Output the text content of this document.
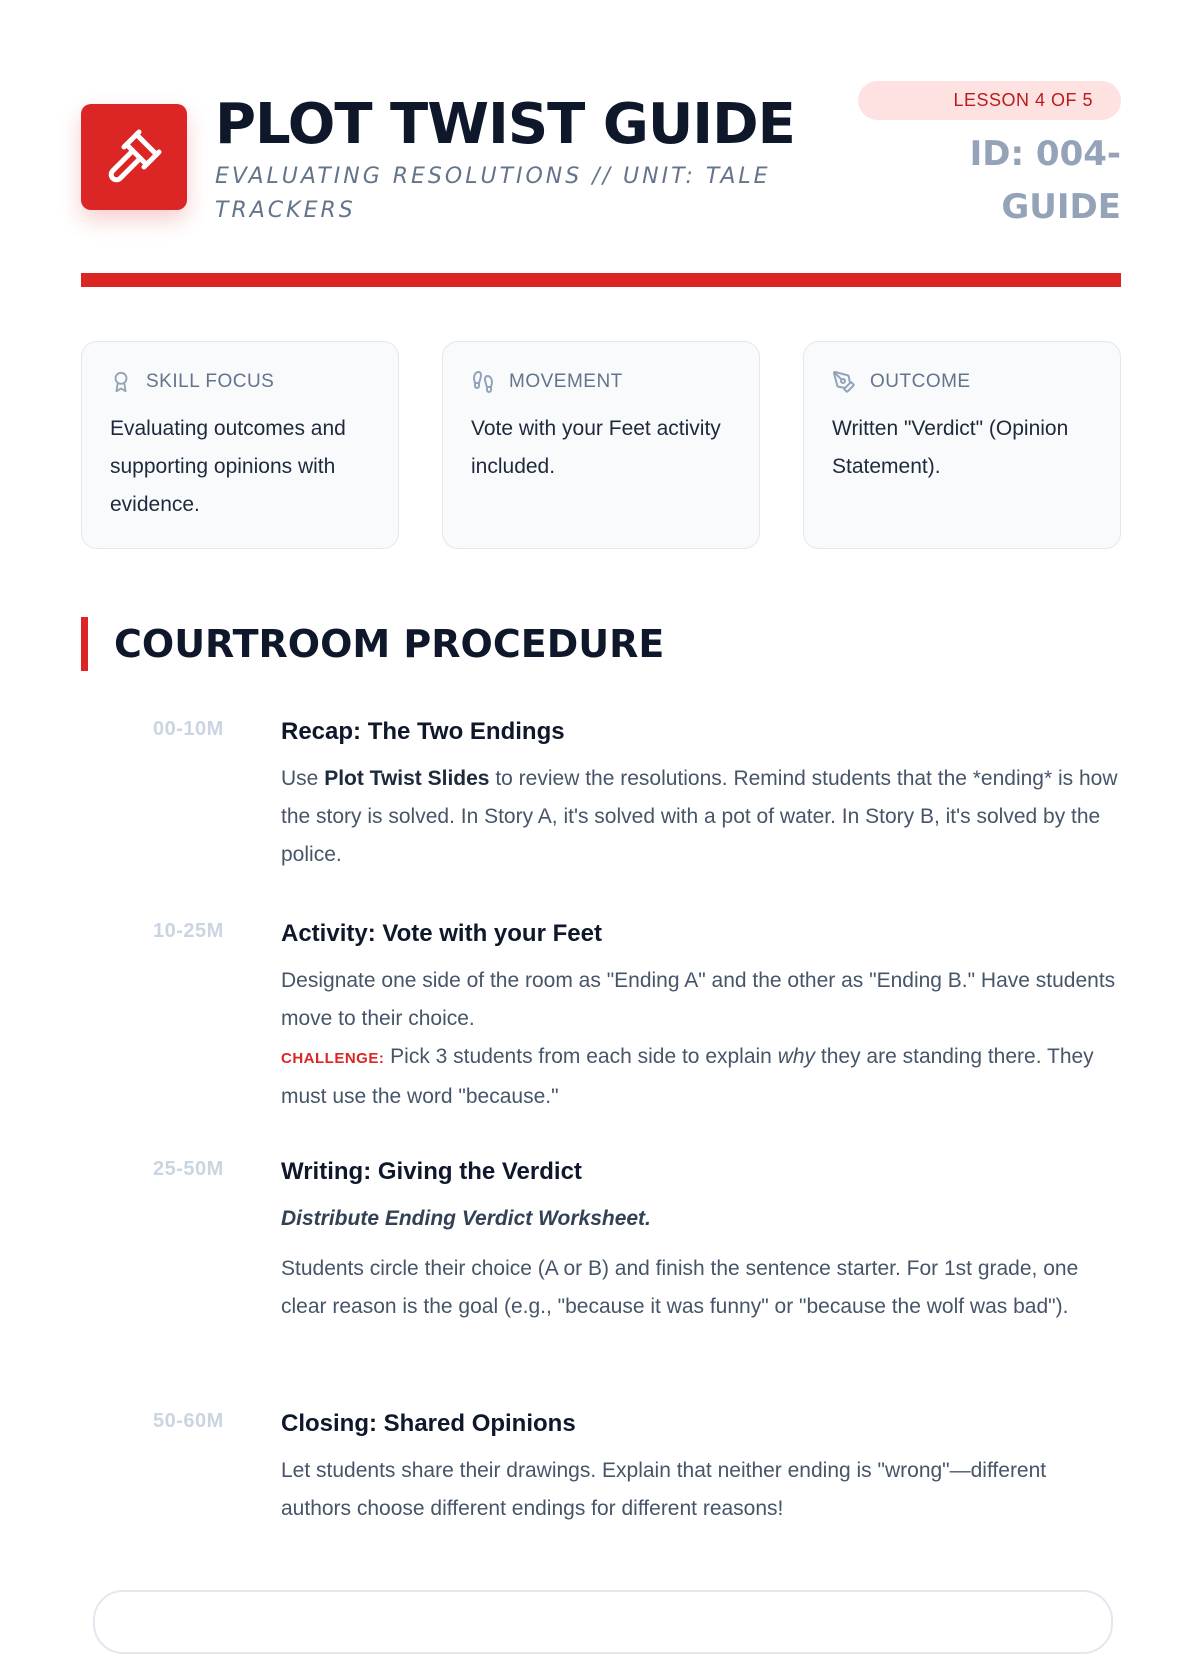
PLOT TWIST GUIDE
EVALUATING RESOLUTIONS // UNIT: TALE TRACKERS
LESSON 4 OF 5
ID: 004-GUIDE
SKILL FOCUS
Evaluating outcomes and supporting opinions with evidence.
MOVEMENT
Vote with your Feet activity included.
OUTCOME
Written "Verdict" (Opinion Statement).
COURTROOM PROCEDURE
00-10M Recap: The Two Endings

Use Plot Twist Slides to review the resolutions. Remind students that the *ending* is how the story is solved. In Story A, it's solved with a pot of water. In Story B, it's solved by the police.

10-25M Activity: Vote with your Feet

Designate one side of the room as "Ending A" and the other as "Ending B." Have students move to their choice.

CHALLENGE: Pick 3 students from each side to explain why they are standing there. They must use the word "because."

25-50M Writing: Giving the Verdict

Distribute Ending Verdict Worksheet.

Students circle their choice (A or B) and finish the sentence starter. For 1st grade, one clear reason is the goal (e.g., "because it was funny" or "because the wolf was bad").

50-60M Closing: Shared Opinions

Let students share their drawings. Explain that neither ending is "wrong"—different authors choose different endings for different reasons!
